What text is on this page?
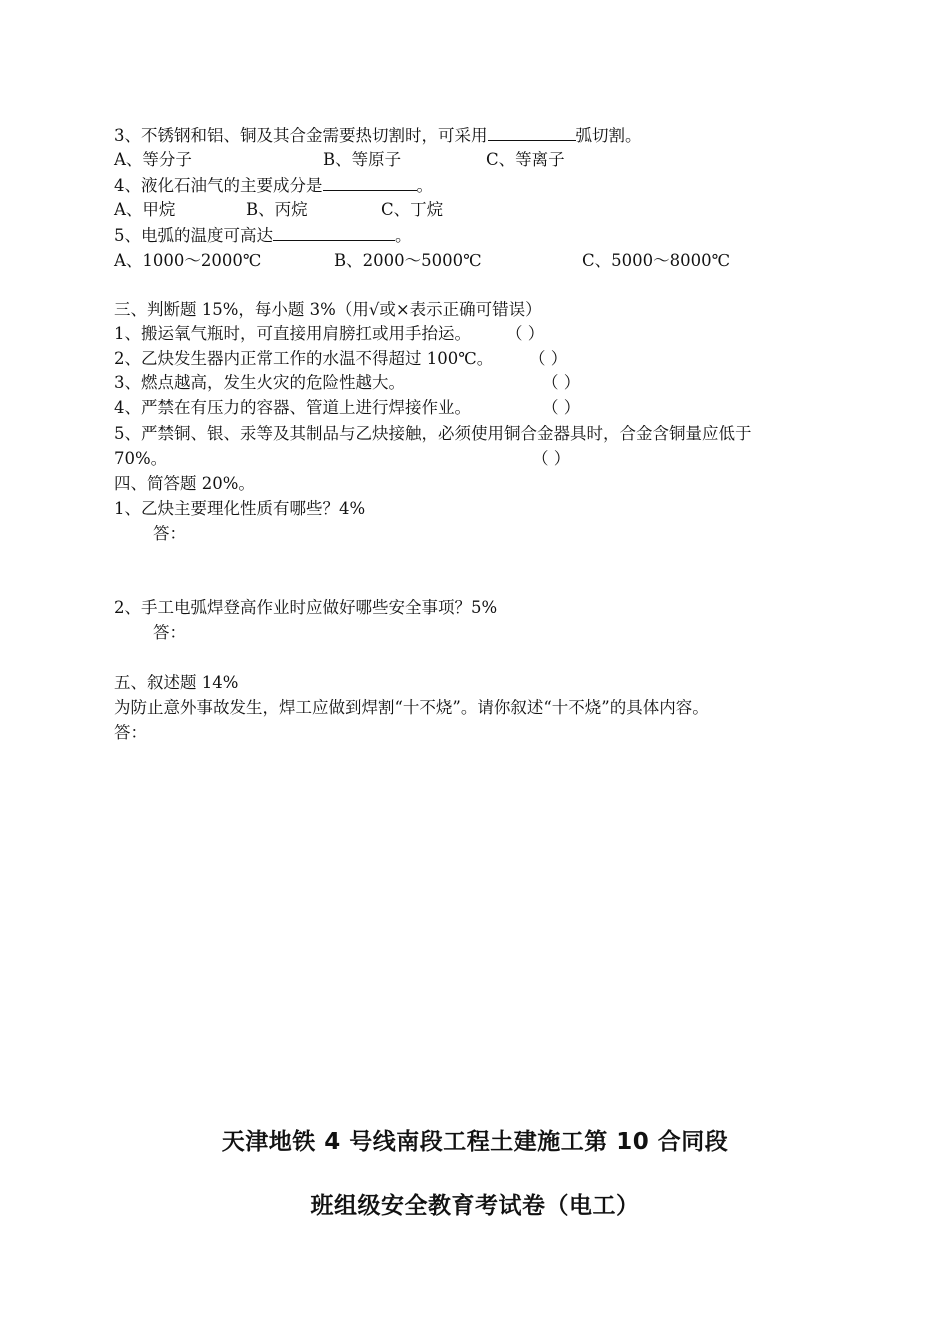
3、不锈钢和铝、铜及其合金需要热切割时，可采用	弧切割。
A、等分子	B、等原子	C、等离子
4、液化石油气的主要成分是	。
A、甲烷	B、丙烷	C、丁烷
5、电弧的温度可高达	。
A、1000～2000℃	B、2000～5000℃	C、5000～8000℃
三、判断题 15%，每小题 3%（用√或×表示正确可错误）
1、搬运氧气瓶时，可直接用肩膀扛或用手抬运。 （ ）
2、乙炔发生器内正常工作的水温不得超过 100℃。 （ ）
3、燃点越高，发生火灾的危险性越大。	（ ）
4、严禁在有压力的容器、管道上进行焊接作业。	（ ）
5、严禁铜、银、汞等及其制品与乙炔接触，必须使用铜合金器具时，合金含铜量应低于
70%。	（ ）
四、简答题 20%。
1、乙炔主要理化性质有哪些？4%
答：
2、手工电弧焊登高作业时应做好哪些安全事项？5%
答：
五、叙述题 14%
为防止意外事故发生，焊工应做到焊割“十不烧”。请你叙述“十不烧”的具体内容。
答：
天津地铁 4 号线南段工程土建施工第 10 合同段
班组级安全教育考试卷（电工）
